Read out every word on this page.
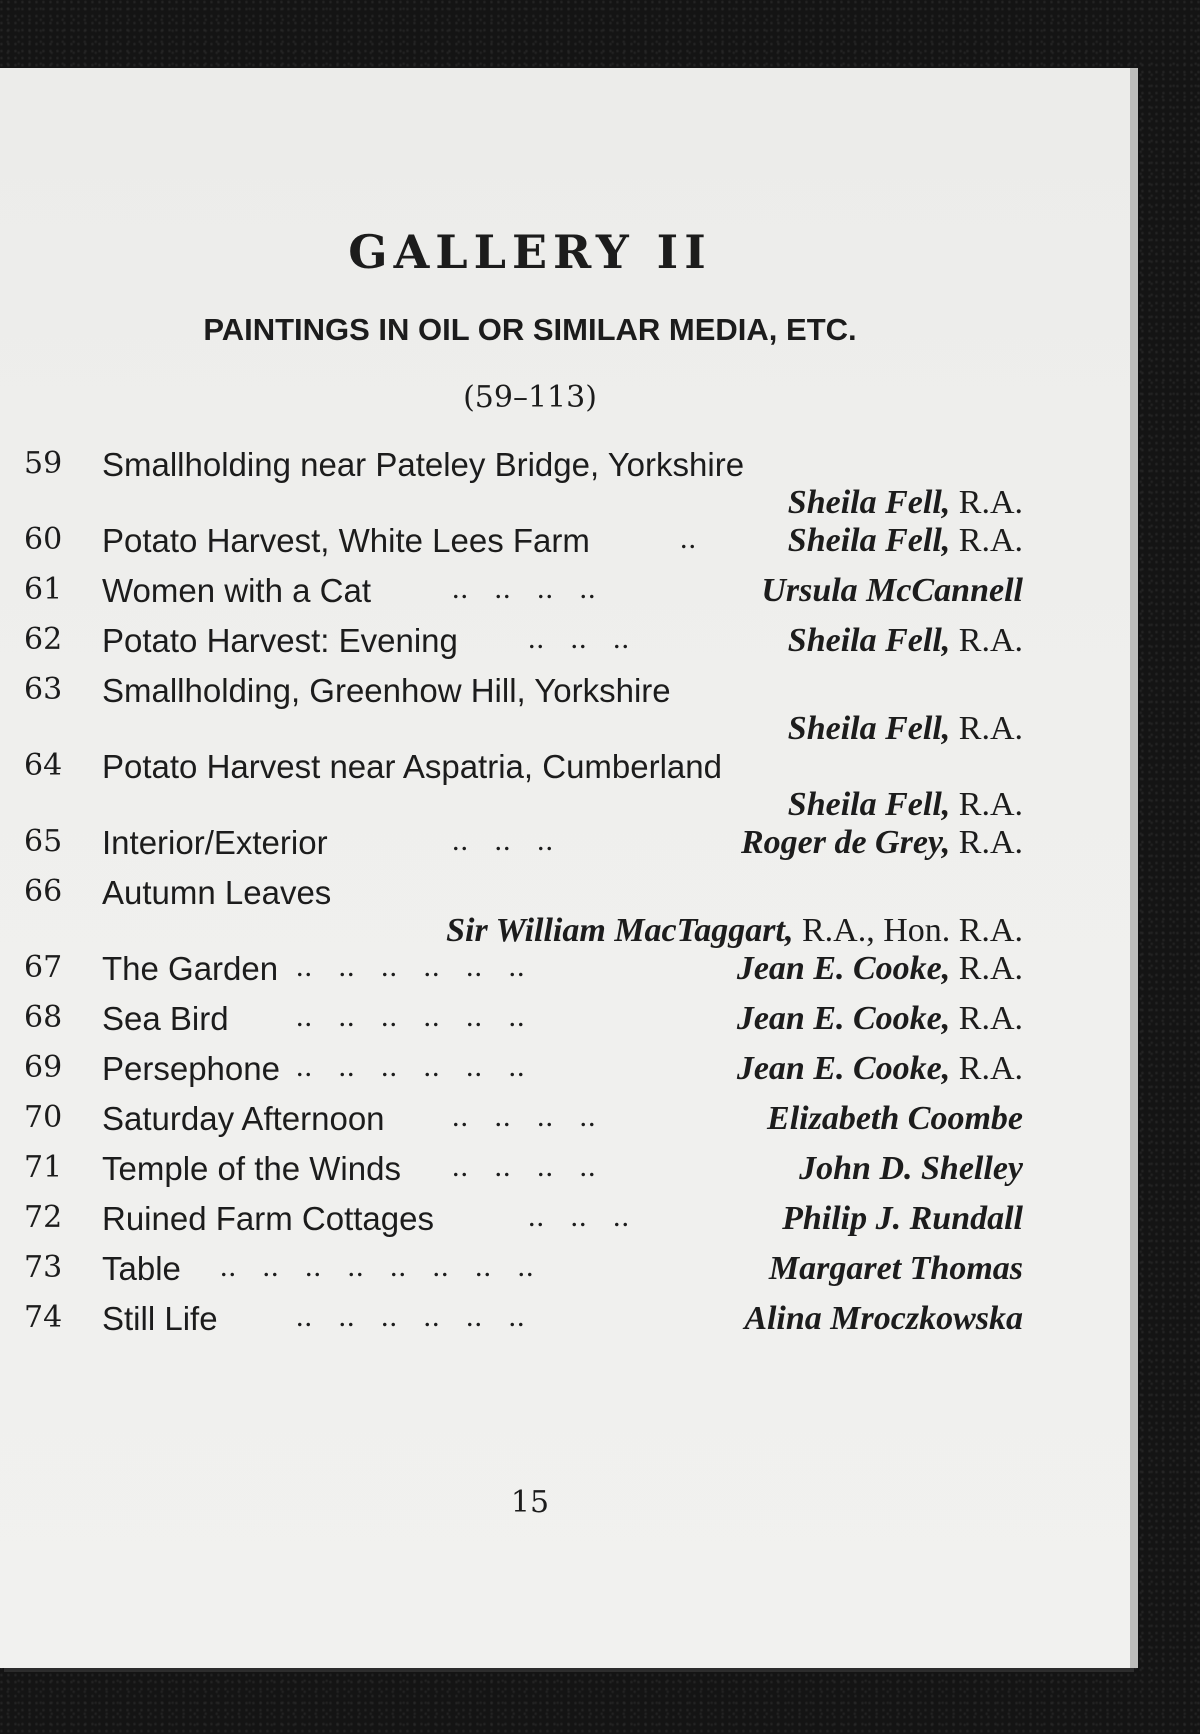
GALLERY II
PAINTINGS IN OIL OR SIMILAR MEDIA, ETC.
(59–113)
59 Smallholding near Pateley Bridge, Yorkshire
Sheila Fell, R.A.
60 Potato Harvest, White Lees Farm	..	Sheila Fell, R.A.
61 Women with a Cat	..   ..   ..   ..	Ursula McCannell
62 Potato Harvest: Evening ..   ..   ..	Sheila Fell, R.A.
63 Smallholding, Greenhow Hill, Yorkshire
Sheila Fell, R.A.
64 Potato Harvest near Aspatria, Cumberland
Sheila Fell, R.A.
65 Interior/Exterior	..   ..   ..	Roger de Grey, R.A.
66 Autumn Leaves
Sir William MacTaggart, R.A., Hon. R.A.
67 The Garden ..   ..   ..   ..   ..   ..	Jean E. Cooke, R.A.
68 Sea Bird ..   ..   ..   ..   ..   ..	Jean E. Cooke, R.A.
69 Persephone ..   ..   ..   ..   ..   ..	Jean E. Cooke, R.A.
70 Saturday Afternoon ..   ..   ..   ..	Elizabeth Coombe
71 Temple of the Winds ..   ..   ..   ..	John D. Shelley
72 Ruined Farm Cottages	..   ..   ..	Philip J. Rundall
73 Table ..   ..   ..   ..   ..   ..   ..   ..	Margaret Thomas
74 Still Life	..   ..   ..   ..   ..   ..	Alina Mroczkowska
15
